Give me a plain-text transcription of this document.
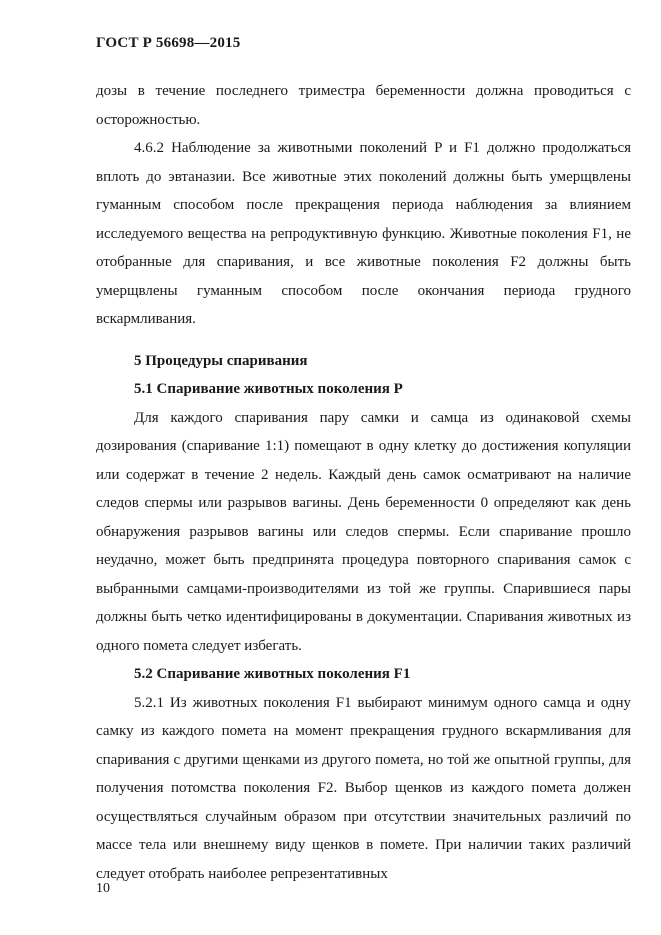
ГОСТ Р 56698—2015

дозы в течение последнего триместра беременности должна проводиться с осторожностью.

4.6.2 Наблюдение за животными поколений P и F1 должно продолжаться вплоть до эвтаназии. Все животные этих поколений должны быть умерщвлены гуманным способом после прекращения периода наблюдения за влиянием исследуемого вещества на репродуктивную функцию. Животные поколения F1, не отобранные для спаривания, и все животные поколения F2 должны быть умерщвлены гуманным способом после окончания периода грудного вскармливания.

5 Процедуры спаривания

5.1 Спаривание животных поколения P

Для каждого спаривания пару самки и самца из одинаковой схемы дозирования (спаривание 1:1) помещают в одну клетку до достижения копуляции или содержат в течение 2 недель. Каждый день самок осматривают на наличие следов спермы или разрывов вагины. День беременности 0 определяют как день обнаружения разрывов вагины или следов спермы. Если спаривание прошло неудачно, может быть предпринята процедура повторного спаривания самок с выбранными самцами-производителями из той же группы. Спарившиеся пары должны быть четко идентифицированы в документации. Спаривания животных из одного помета следует избегать.

5.2 Спаривание животных поколения F1

5.2.1 Из животных поколения F1 выбирают минимум одного самца и одну самку из каждого помета на момент прекращения грудного вскармливания для спаривания с другими щенками из другого помета, но той же опытной группы, для получения потомства поколения F2. Выбор щенков из каждого помета должен осуществляться случайным образом при отсутствии значительных различий по массе тела или внешнему виду щенков в помете. При наличии таких различий следует отобрать наиболее репрезентативных

10
